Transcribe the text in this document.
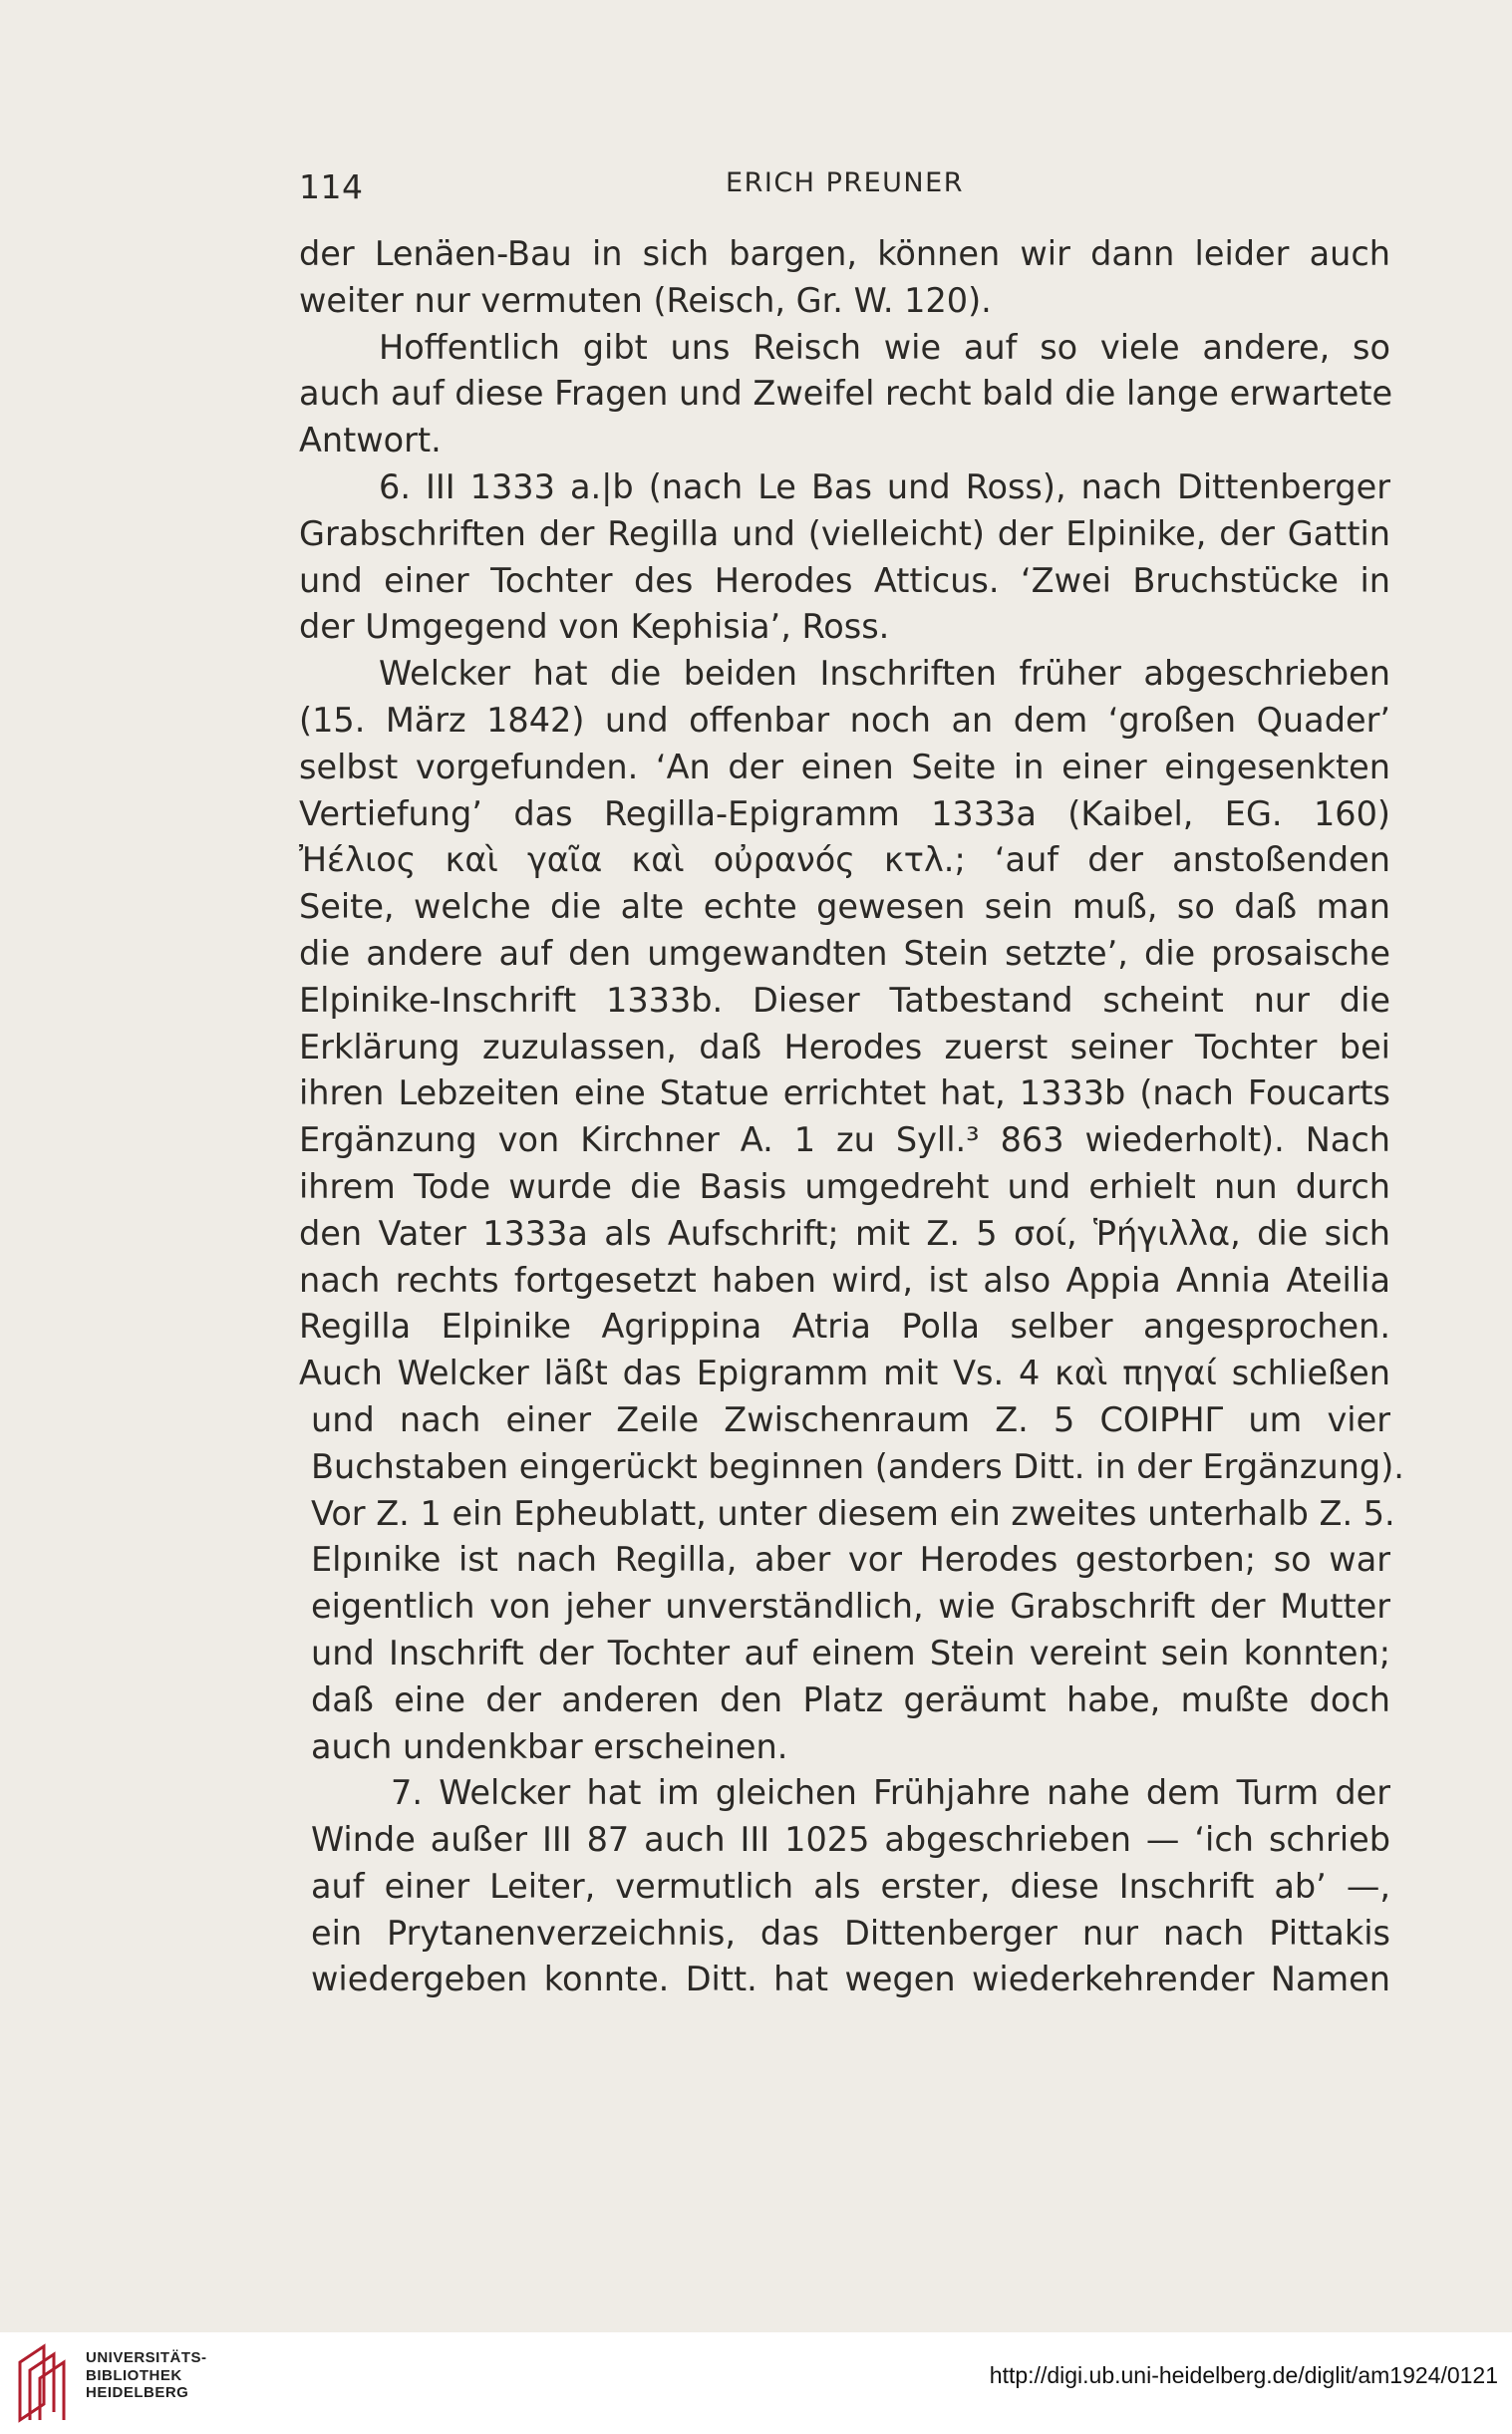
114	ERICH PREUNER
der Lenäen-Bau in sich bargen, können wir dann leider auch
weiter nur vermuten (Reisch, Gr. W. 120).
Hoffentlich gibt uns Reisch wie auf so viele andere, so
auch auf diese Fragen und Zweifel recht bald die lange erwartete
Antwort.
6. III 1333 a.|b (nach Le Bas und Ross), nach Dittenberger
Grabschriften der Regilla und (vielleicht) der Elpinike, der Gattin
und einer Tochter des Herodes Atticus. ‘Zwei Bruchstücke in
der Umgegend von Kephisia’, Ross.
Welcker hat die beiden Inschriften früher abgeschrieben
(15. März 1842) und offenbar noch an dem ‘großen Quader’
selbst vorgefunden. ‘An der einen Seite in einer eingesenkten
Vertiefung’ das Regilla-Epigramm 1333a (Kaibel, EG. 160)
Ἠέλιος καὶ γαῖα καὶ οὐρανός κτλ.; ‘auf der anstoßenden
Seite, welche die alte echte gewesen sein muß, so daß man
die andere auf den umgewandten Stein setzte’, die prosaische
Elpinike-Inschrift 1333b. Dieser Tatbestand scheint nur die
Erklärung zuzulassen, daß Herodes zuerst seiner Tochter bei
ihren Lebzeiten eine Statue errichtet hat, 1333b (nach Foucarts
Ergänzung von Kirchner A. 1 zu Syll.³ 863 wiederholt). Nach
ihrem Tode wurde die Basis umgedreht und erhielt nun durch
den Vater 1333a als Aufschrift; mit Z. 5 σοί, Ῥήγιλλα, die sich
nach rechts fortgesetzt haben wird, ist also Appia Annia Ateilia
Regilla Elpinike Agrippina Atria Polla selber angesprochen.
Auch Welcker läßt das Epigramm mit Vs. 4 καὶ πηγαί schließen
und nach einer Zeile Zwischenraum Z. 5 ϹΟΙΡΗΓ um vier
Buchstaben eingerückt beginnen (anders Ditt. in der Ergänzung).
Vor Z. 1 ein Epheublatt, unter diesem ein zweites unterhalb Z. 5.
Elpınike ist nach Regilla, aber vor Herodes gestorben; so war
eigentlich von jeher unverständlich, wie Grabschrift der Mutter
und Inschrift der Tochter auf einem Stein vereint sein konnten;
daß eine der anderen den Platz geräumt habe, mußte doch
auch undenkbar erscheinen.
7. Welcker hat im gleichen Frühjahre nahe dem Turm der
Winde außer III 87 auch III 1025 abgeschrieben — ‘ich schrieb
auf einer Leiter, vermutlich als erster, diese Inschrift ab’ —,
ein Prytanenverzeichnis, das Dittenberger nur nach Pittakis
wiedergeben konnte. Ditt. hat wegen wiederkehrender Namen
UNIVERSITÄTS-
BIBLIOTHEK
HEIDELBERG
http://digi.ub.uni-heidelberg.de/diglit/am1924/0121
